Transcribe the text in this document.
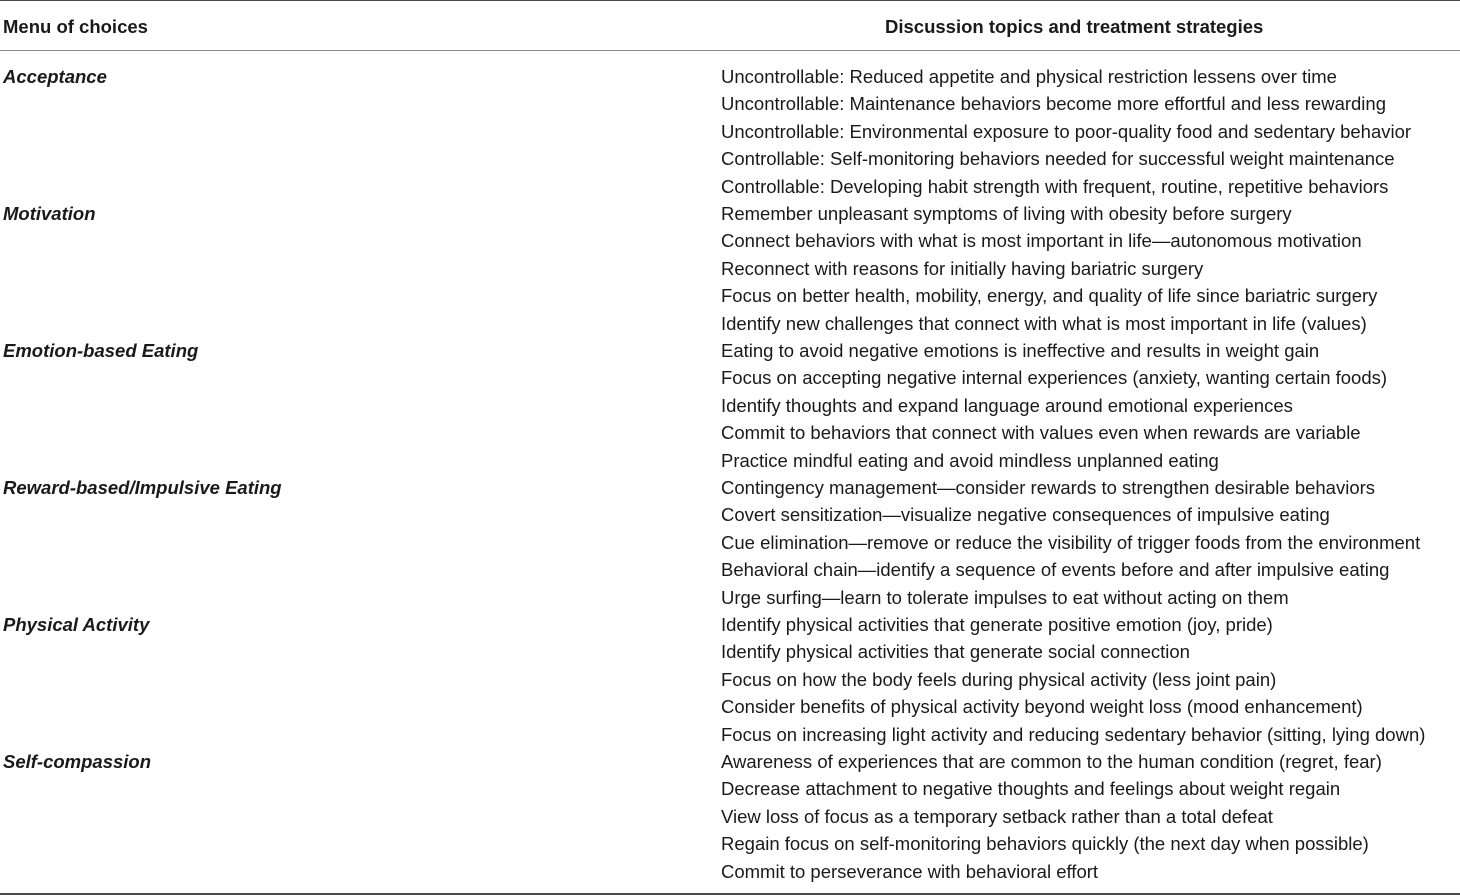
Menu of choices	Discussion topics and treatment strategies
Acceptance	Uncontrollable: Reduced appetite and physical restriction lessens over time
Uncontrollable: Maintenance behaviors become more effortful and less rewarding
Uncontrollable: Environmental exposure to poor-quality food and sedentary behavior
Controllable: Self-monitoring behaviors needed for successful weight maintenance
Controllable: Developing habit strength with frequent, routine, repetitive behaviors
Motivation	Remember unpleasant symptoms of living with obesity before surgery
Connect behaviors with what is most important in life—autonomous motivation
Reconnect with reasons for initially having bariatric surgery
Focus on better health, mobility, energy, and quality of life since bariatric surgery
Identify new challenges that connect with what is most important in life (values)
Emotion-based Eating	Eating to avoid negative emotions is ineffective and results in weight gain
Focus on accepting negative internal experiences (anxiety, wanting certain foods)
Identify thoughts and expand language around emotional experiences
Commit to behaviors that connect with values even when rewards are variable
Practice mindful eating and avoid mindless unplanned eating
Reward-based/Impulsive Eating	Contingency management—consider rewards to strengthen desirable behaviors
Covert sensitization—visualize negative consequences of impulsive eating
Cue elimination—remove or reduce the visibility of trigger foods from the environment
Behavioral chain—identify a sequence of events before and after impulsive eating
Urge surfing—learn to tolerate impulses to eat without acting on them
Physical Activity	Identify physical activities that generate positive emotion (joy, pride)
Identify physical activities that generate social connection
Focus on how the body feels during physical activity (less joint pain)
Consider benefits of physical activity beyond weight loss (mood enhancement)
Focus on increasing light activity and reducing sedentary behavior (sitting, lying down)
Self-compassion	Awareness of experiences that are common to the human condition (regret, fear)
Decrease attachment to negative thoughts and feelings about weight regain
View loss of focus as a temporary setback rather than a total defeat
Regain focus on self-monitoring behaviors quickly (the next day when possible)
Commit to perseverance with behavioral effort
